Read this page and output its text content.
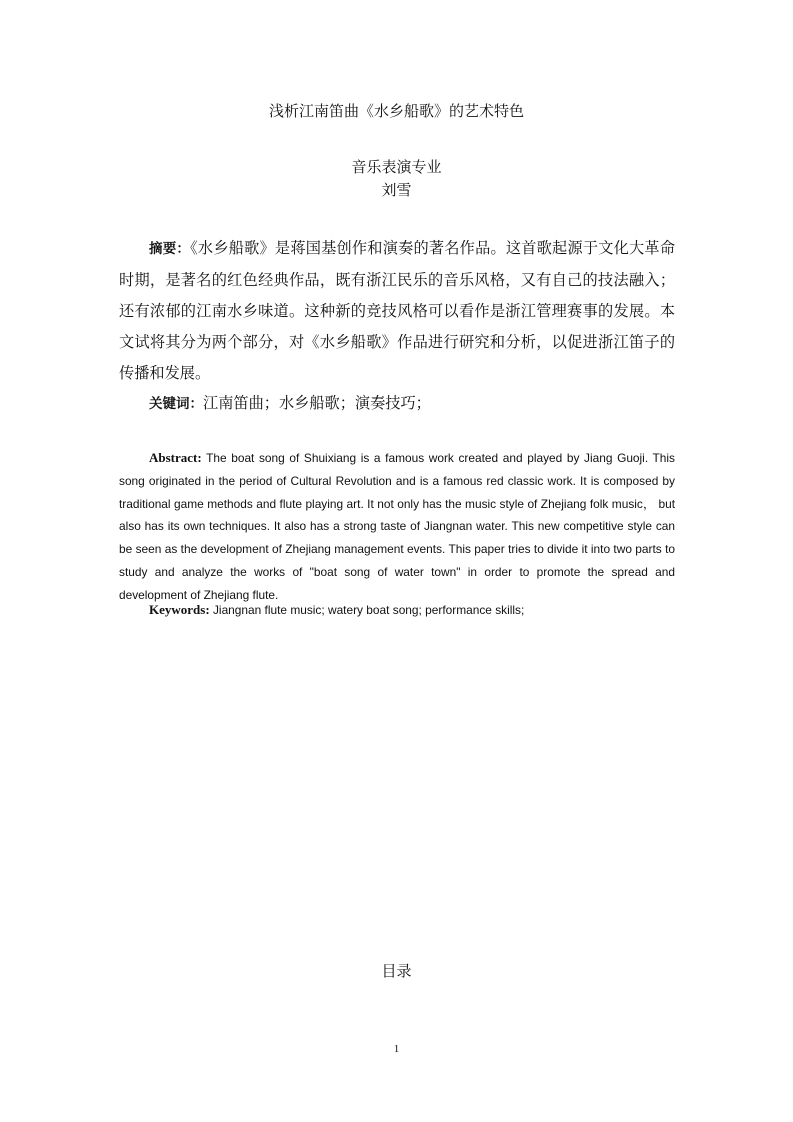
浅析江南笛曲《水乡船歌》的艺术特色
音乐表演专业
刘雪

摘要：《水乡船歌》是蒋国基创作和演奏的著名作品。这首歌起源于文化大革命时期，是著名的红色经典作品，既有浙江民乐的音乐风格，又有自己的技法融入；还有浓郁的江南水乡味道。这种新的竞技风格可以看作是浙江管理赛事的发展。本文试将其分为两个部分，对《水乡船歌》作品进行研究和分析，以促进浙江笛子的传播和发展。

关键词：江南笛曲；水乡船歌；演奏技巧；

Abstract: The boat song of Shuixiang is a famous work created and played by Jiang Guoji. This song originated in the period of Cultural Revolution and is a famous red classic work. It is composed by traditional game methods and flute playing art. It not only has the music style of Zhejiang folk music， but also has its own techniques. It also has a strong taste of Jiangnan water. This new competitive style can be seen as the development of Zhejiang management events. This paper tries to divide it into two parts to study and analyze the works of "boat song of water town" in order to promote the spread and development of Zhejiang flute.

Keywords: Jiangnan flute music; watery boat song; performance skills;

目录
1
